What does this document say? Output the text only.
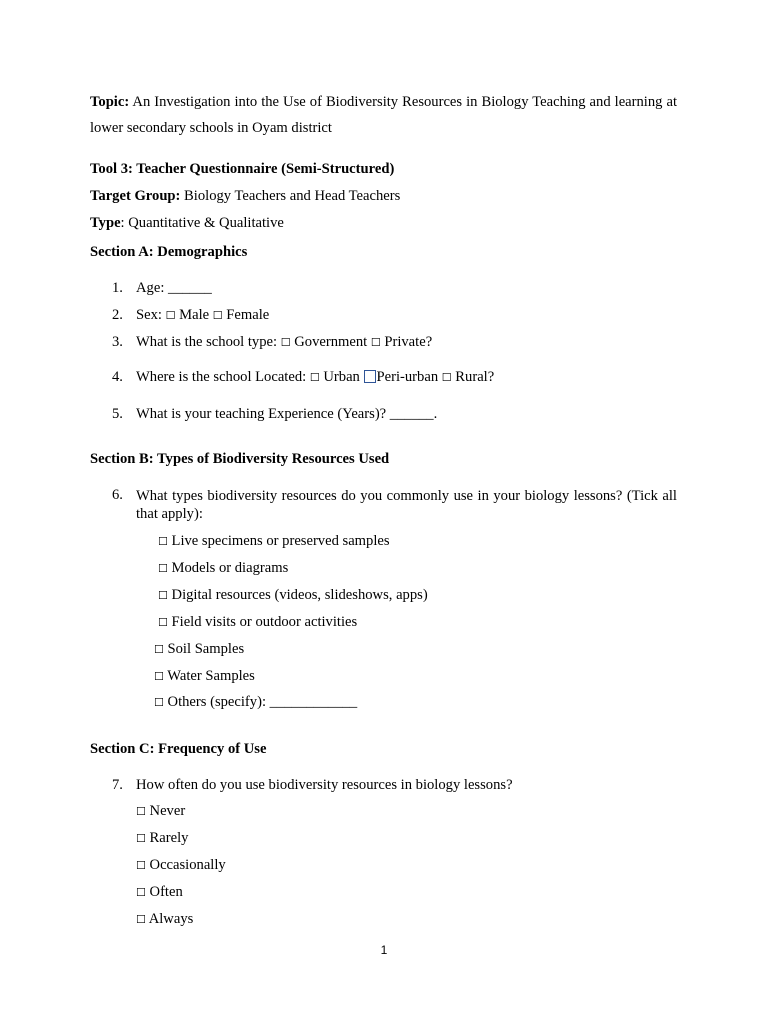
Topic: An Investigation into the Use of Biodiversity Resources in Biology Teaching and learning at lower secondary schools in Oyam district
Tool 3: Teacher Questionnaire (Semi-Structured)
Target Group: Biology Teachers and Head Teachers
Type: Quantitative & Qualitative
Section A: Demographics
1. Age: ______
2. Sex: ☐ Male ☐ Female
3. What is the school type: ☐ Government ☐ Private?
4. Where is the school Located: ☐ Urban Peri-urban ☐ Rural?
5. What is your teaching Experience (Years)? ______.
Section B: Types of Biodiversity Resources Used
6. What types biodiversity resources do you commonly use in your biology lessons? (Tick all that apply):
☐ Live specimens or preserved samples
☐ Models or diagrams
☐ Digital resources (videos, slideshows, apps)
☐ Field visits or outdoor activities
☐ Soil Samples
☐ Water Samples
☐ Others (specify): ____________
Section C: Frequency of Use
7. How often do you use biodiversity resources in biology lessons?
☐ Never
☐ Rarely
☐ Occasionally
☐ Often
☐ Always
1
